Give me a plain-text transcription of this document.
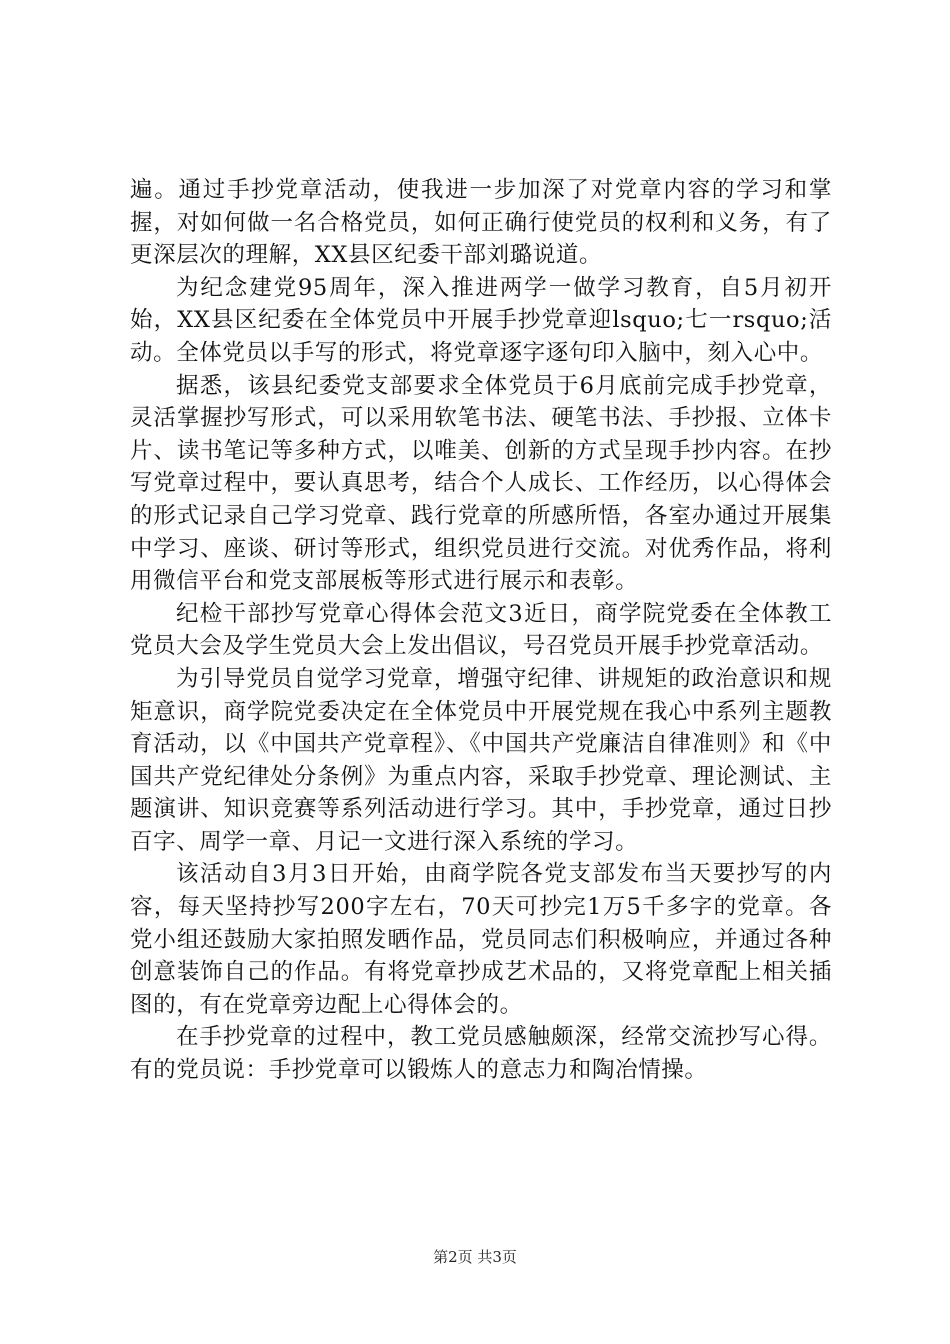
遍。通过手抄党章活动，使我进一步加深了对党章内容的学习和掌握，对如何做一名合格党员，如何正确行使党员的权利和义务，有了更深层次的理解，XX县区纪委干部刘璐说道。

为纪念建党95周年，深入推进两学一做学习教育，自5月初开始，XX县区纪委在全体党员中开展手抄党章迎lsquo;七一rsquo;活动。全体党员以手写的形式，将党章逐字逐句印入脑中，刻入心中。

据悉，该县纪委党支部要求全体党员于6月底前完成手抄党章，灵活掌握抄写形式，可以采用软笔书法、硬笔书法、手抄报、立体卡片、读书笔记等多种方式，以唯美、创新的方式呈现手抄内容。在抄写党章过程中，要认真思考，结合个人成长、工作经历，以心得体会的形式记录自己学习党章、践行党章的所感所悟，各室办通过开展集中学习、座谈、研讨等形式，组织党员进行交流。对优秀作品，将利用微信平台和党支部展板等形式进行展示和表彰。

纪检干部抄写党章心得体会范文3近日，商学院党委在全体教工党员大会及学生党员大会上发出倡议，号召党员开展手抄党章活动。

为引导党员自觉学习党章，增强守纪律、讲规矩的政治意识和规矩意识，商学院党委决定在全体党员中开展党规在我心中系列主题教育活动，以《中国共产党章程》、《中国共产党廉洁自律准则》和《中国共产党纪律处分条例》为重点内容，采取手抄党章、理论测试、主题演讲、知识竞赛等系列活动进行学习。其中，手抄党章，通过日抄百字、周学一章、月记一文进行深入系统的学习。

该活动自3月3日开始，由商学院各党支部发布当天要抄写的内容，每天坚持抄写200字左右，70天可抄完1万5千多字的党章。各党小组还鼓励大家拍照发晒作品，党员同志们积极响应，并通过各种创意装饰自己的作品。有将党章抄成艺术品的，又将党章配上相关插图的，有在党章旁边配上心得体会的。

在手抄党章的过程中，教工党员感触颇深，经常交流抄写心得。有的党员说：手抄党章可以锻炼人的意志力和陶冶情操。

第2页 共3页
